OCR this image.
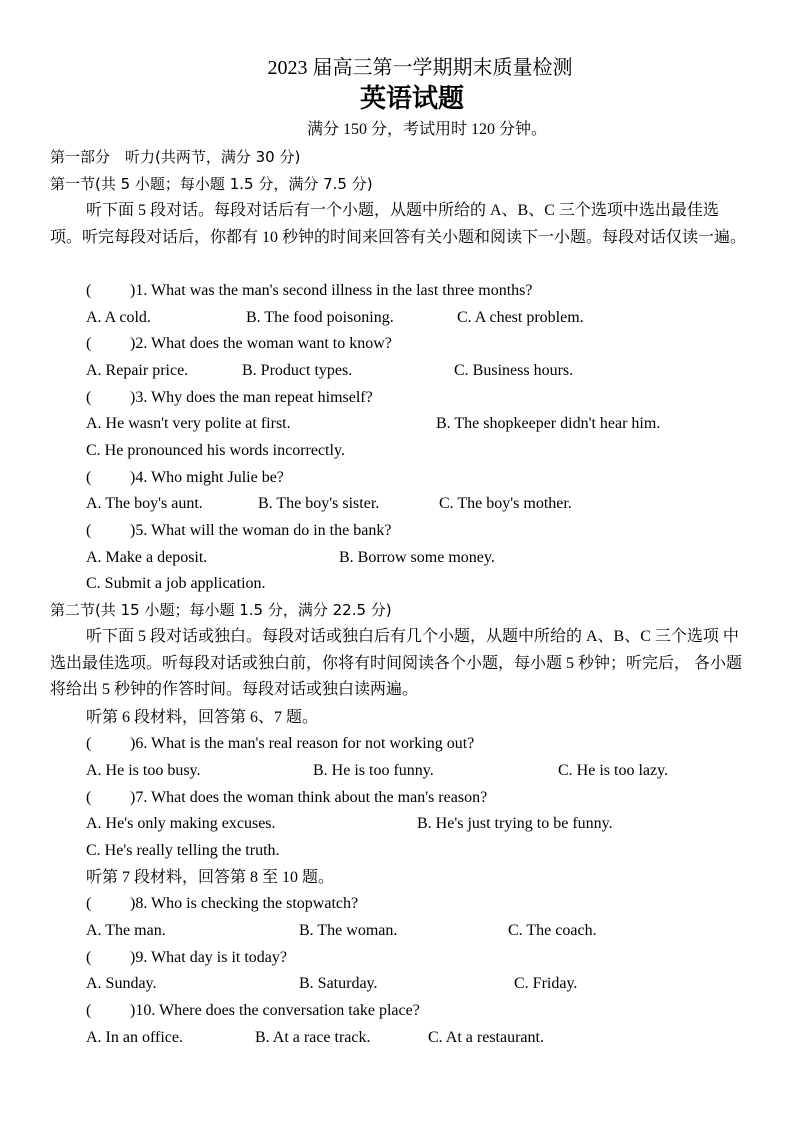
2023 届高三第一学期期末质量检测
英语试题
满分 150 分，考试用时 120 分钟。
第一部分　听力(共两节，满分 30 分)
第一节(共 5 小题；每小题 1.5 分，满分 7.5 分)
听下面 5 段对话。每段对话后有一个小题，从题中所给的 A、B、C 三个选项中选出最佳选项。听完每段对话后，你都有 10 秒钟的时间来回答有关小题和阅读下一小题。每段对话仅读一遍。
( )1. What was the man's second illness in the last three months?
A. A cold.	B. The food poisoning.	C. A chest problem.
( )2. What does the woman want to know?
A. Repair price.	B. Product types.	C. Business hours.
( )3. Why does the man repeat himself?
A. He wasn't very polite at first.	B. The shopkeeper didn't hear him.
C. He pronounced his words incorrectly.
( )4. Who might Julie be?
A. The boy's aunt.	B. The boy's sister.	C. The boy's mother.
( )5. What will the woman do in the bank?
A. Make a deposit.	B. Borrow some money.
C. Submit a job application.
第二节(共 15 小题；每小题 1.5 分，满分 22.5 分)
听下面 5 段对话或独白。每段对话或独白后有几个小题，从题中所给的 A、B、C 三个选项 中选出最佳选项。听每段对话或独白前，你将有时间阅读各个小题，每小题 5 秒钟；听完后， 各小题将给出 5 秒钟的作答时间。每段对话或独白读两遍。
听第 6 段材料，回答第 6、7 题。
( )6. What is the man's real reason for not working out?
A. He is too busy.	B. He is too funny.	C. He is too lazy.
( )7. What does the woman think about the man's reason?
A. He's only making excuses.	B. He's just trying to be funny.
C. He's really telling the truth.
听第 7 段材料，回答第 8 至 10 题。
( )8. Who is checking the stopwatch?
A. The man.	B. The woman.	C. The coach.
( )9. What day is it today?
A. Sunday.	B. Saturday.	C. Friday.
( )10. Where does the conversation take place?
A. In an office.	B. At a race track.	C. At a restaurant.
